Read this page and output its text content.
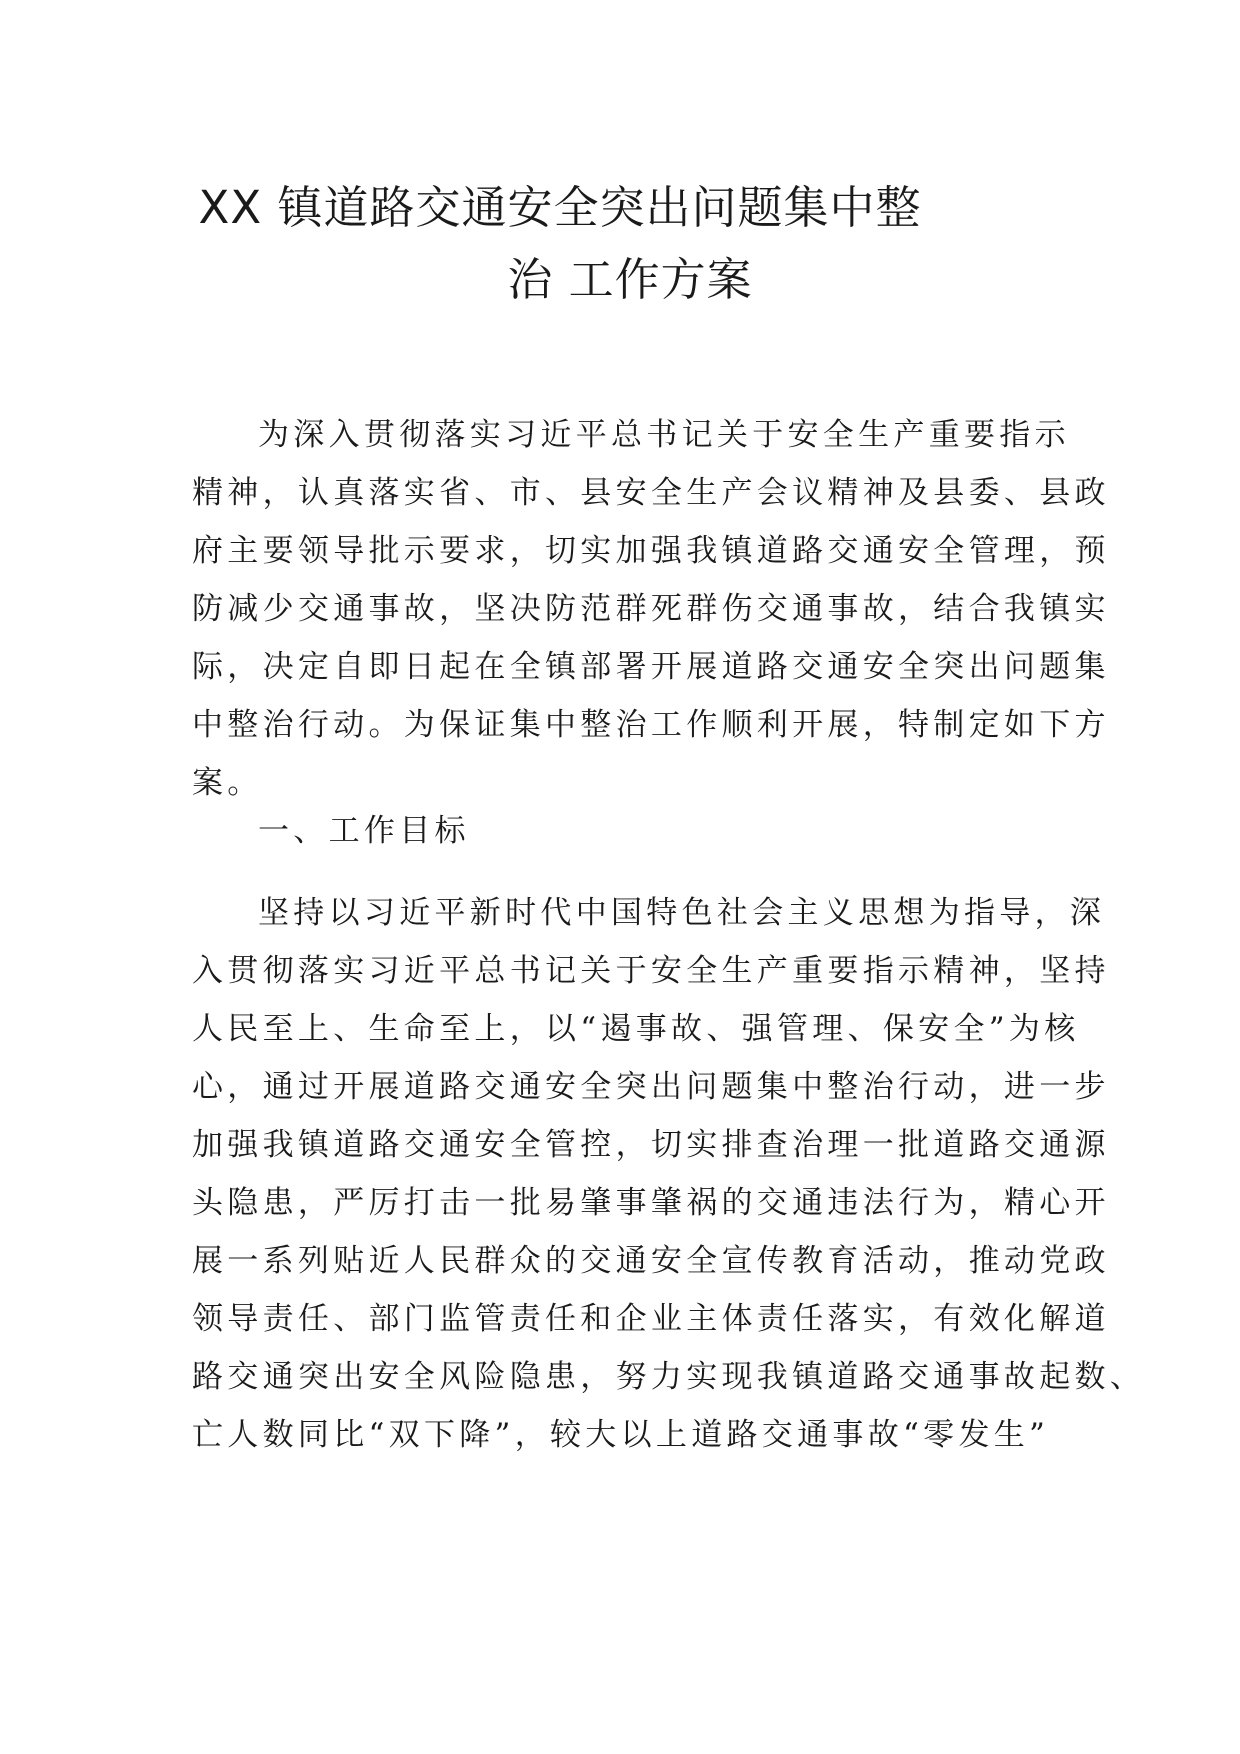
XX 镇道路交通安全突出问题集中整
治 工作方案
为深入贯彻落实习近平总书记关于安全生产重要指示
精神，认真落实省、市、县安全生产会议精神及县委、县政
府主要领导批示要求，切实加强我镇道路交通安全管理，预
防减少交通事故，坚决防范群死群伤交通事故，结合我镇实
际，决定自即日起在全镇部署开展道路交通安全突出问题集
中整治行动。为保证集中整治工作顺利开展，特制定如下方
案。
一、工作目标
坚持以习近平新时代中国特色社会主义思想为指导，深
入贯彻落实习近平总书记关于安全生产重要指示精神，坚持
人民至上、生命至上，以“遏事故、强管理、保安全”为核
心，通过开展道路交通安全突出问题集中整治行动，进一步
加强我镇道路交通安全管控，切实排查治理一批道路交通源
头隐患，严厉打击一批易肇事肇祸的交通违法行为，精心开
展一系列贴近人民群众的交通安全宣传教育活动，推动党政
领导责任、部门监管责任和企业主体责任落实，有效化解道
路交通突出安全风险隐患，努力实现我镇道路交通事故起数、
亡人数同比“双下降”，较大以上道路交通事故“零发生”
